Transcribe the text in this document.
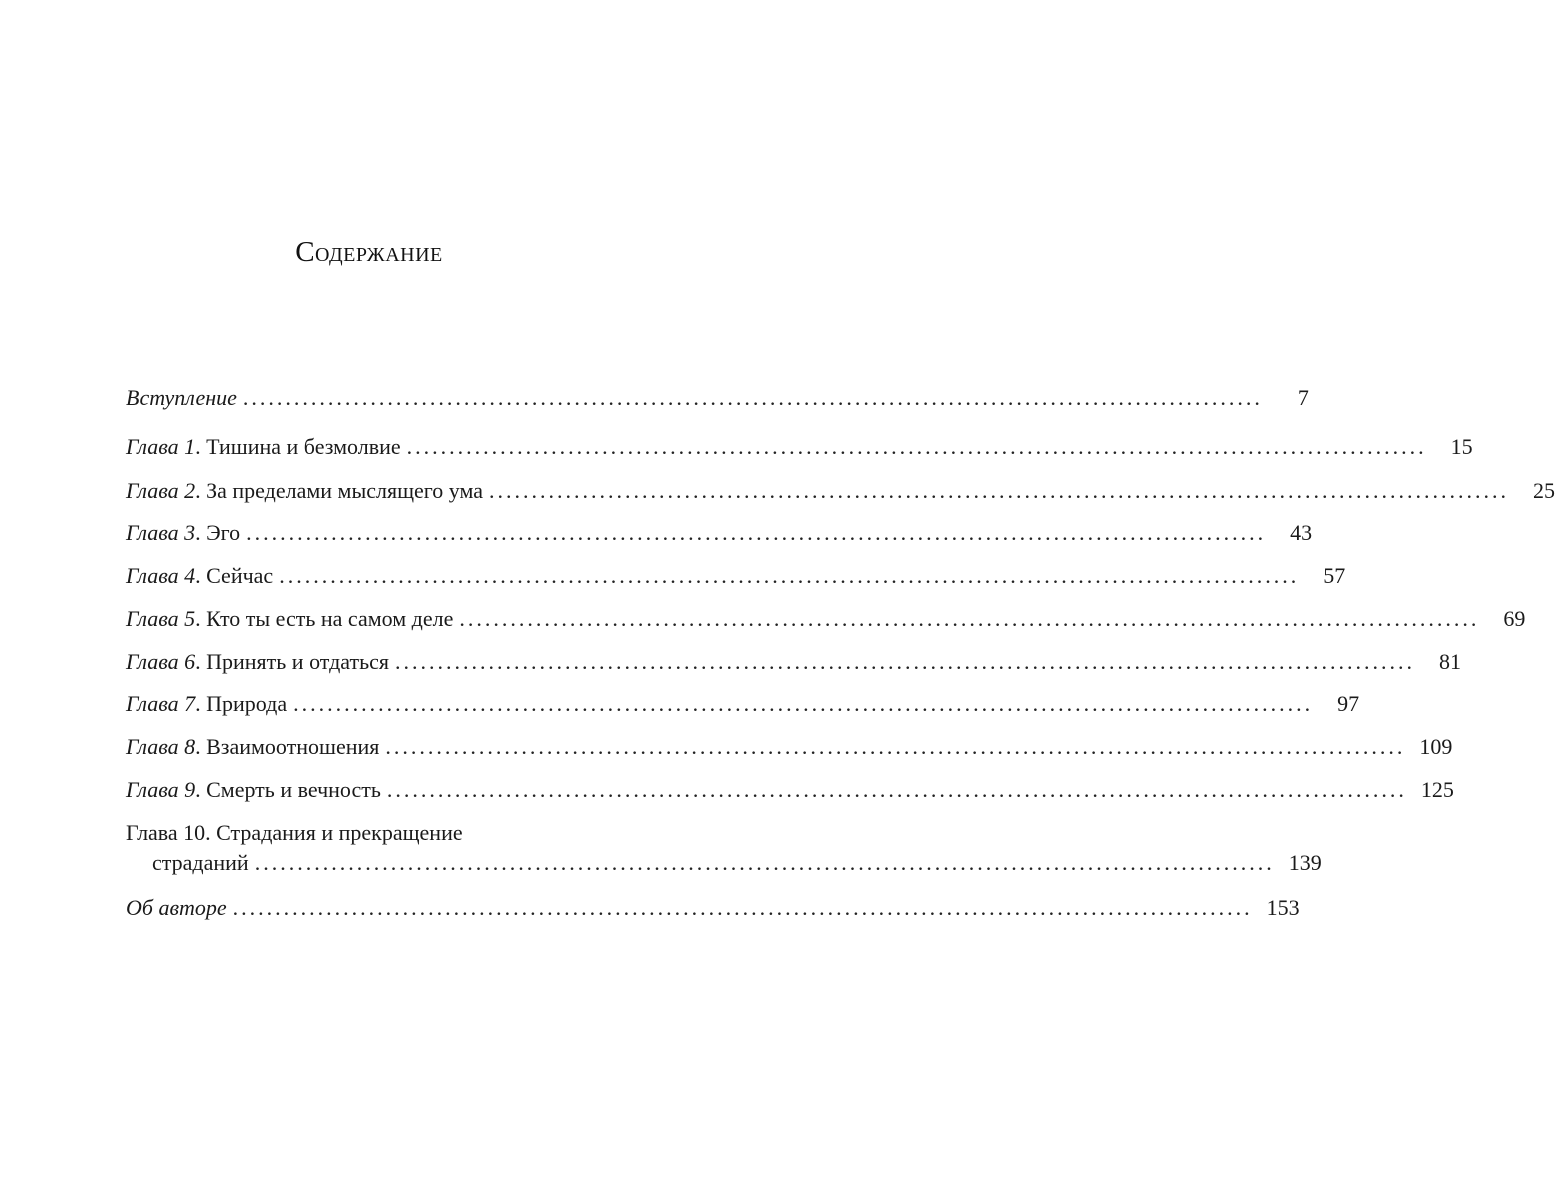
Содержание
Вступление ........................................................................................................................	7
Глава 1. Тишина и безмолвие ........................................................................................................................	15
Глава 2. За пределами мыслящего ума ........................................................................................................................	25
Глава 3. Эго ........................................................................................................................	43
Глава 4. Сейчас ........................................................................................................................	57
Глава 5. Кто ты есть на самом деле ........................................................................................................................	69
Глава 6. Принять и отдаться ........................................................................................................................	81
Глава 7. Природа ........................................................................................................................	97
Глава 8. Взаимоотношения ........................................................................................................................ 109
Глава 9. Смерть и вечность ........................................................................................................................ 125
Глава 10. Страдания и прекращение
страданий ........................................................................................................................ 139
Об авторе ........................................................................................................................ 153
